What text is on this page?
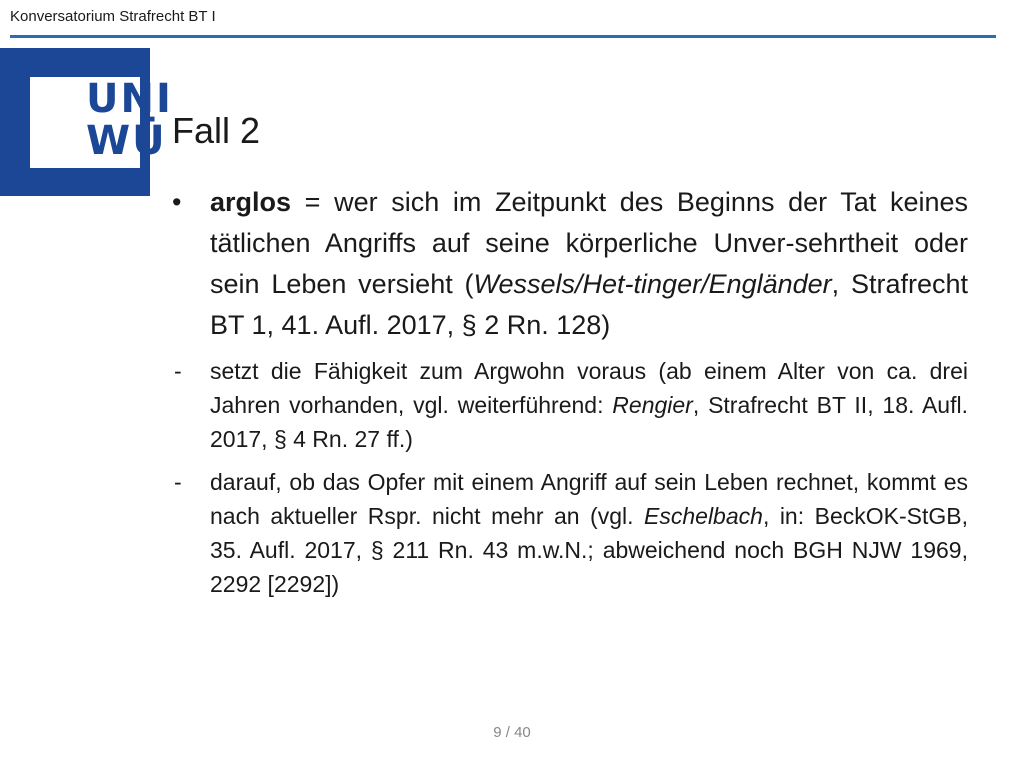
Konversatorium Strafrecht BT I
UNI
WÜ Fall 2
• arglos = wer sich im Zeitpunkt des Beginns der Tat keines tätlichen Angriffs auf seine körperliche Unver-sehrtheit oder sein Leben versieht (Wessels/Het-tinger/Engländer, Strafrecht BT 1, 41. Aufl. 2017, § 2 Rn. 128)
- setzt die Fähigkeit zum Argwohn voraus (ab einem Alter von ca. drei Jahren vorhanden, vgl. weiterführend: Rengier, Strafrecht BT II, 18. Aufl. 2017, § 4 Rn. 27 ff.)
- darauf, ob das Opfer mit einem Angriff auf sein Leben rechnet, kommt es nach aktueller Rspr. nicht mehr an (vgl. Eschelbach, in: BeckOK-StGB, 35. Aufl. 2017, § 211 Rn. 43 m.w.N.; abweichend noch BGH NJW 1969, 2292 [2292])
9 / 40
